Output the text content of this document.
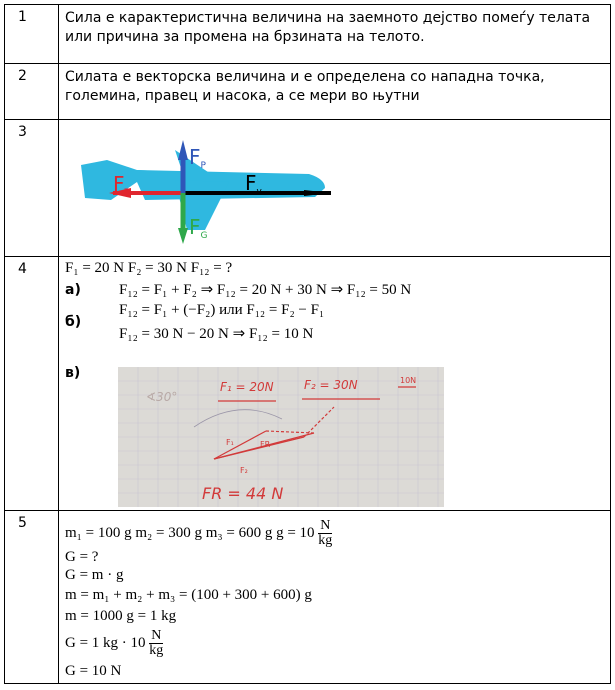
1	Сила е карактеристична величина на заемното дејство помеѓу телата или причина за промена на брзината на телото.
2	Силата е векторска величина и е определена со нападна точка, големина, правец и насока, а се мери во њутни
3
$F_P$
$F_T$	$F_v$
$F_G$
4	F₁ = 20 N F₂ = 30 N F₁₂ = ?
а)	F₁₂ = F₁ + F₂ ⇒ F₁₂ = 20 N + 30 N ⇒ F₁₂ = 50 N
б)
F₁₂ = F₁ + (−F₂) или F₁₂ = F₂ − F₁
F₁₂ = 30 N − 20 N ⇒ F₁₂ = 10 N
в)
∢30°
F₁ = 20N	F₂ = 30N	10N
F₁	FR
F₂
FR = 44 N
5
m₁ = 100 g m₂ = 300 g m₃ = 600 g $g = 10 \frac{N}{kg}$
G = ?
G = m · g
m = m₁ + m₂ + m₃ = (100 + 300 + 600) g
m = 1000 g = 1 kg
G = 1 kg · $10 \frac{N}{kg}$
G = 10 N
